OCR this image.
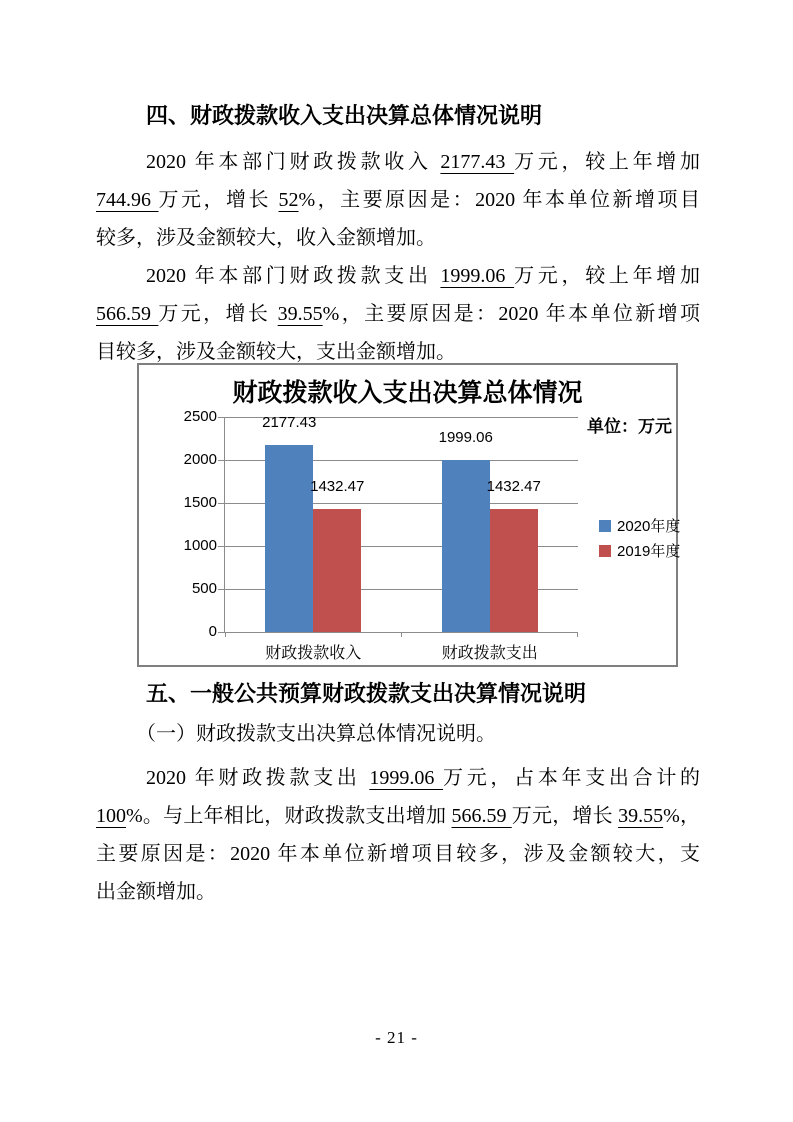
四、财政拨款收入支出决算总体情况说明
2020 年本部门财政拨款收入 2177.43 万元，较上年增加
744.96 万元，增长 52%，主要原因是：2020 年本单位新增项目
较多，涉及金额较大，收入金额增加。
2020 年本部门财政拨款支出 1999.06 万元，较上年增加
566.59 万元，增长 39.55%，主要原因是：2020 年本单位新增项
目较多，涉及金额较大，支出金额增加。
财政拨款收入支出决算总体情况
单位：万元
0
500
1000
1500
2000
2500
财政拨款收入
2177.43
1432.47
财政拨款支出
1999.06
1432.47
2020年度
2019年度
五、一般公共预算财政拨款支出决算情况说明
（一）财政拨款支出决算总体情况说明。
2020 年财政拨款支出 1999.06 万元，占本年支出合计的
100%。与上年相比，财政拨款支出增加 566.59 万元，增长 39.55%，
主要原因是：2020 年本单位新增项目较多，涉及金额较大，支
出金额增加。
- 21 -
